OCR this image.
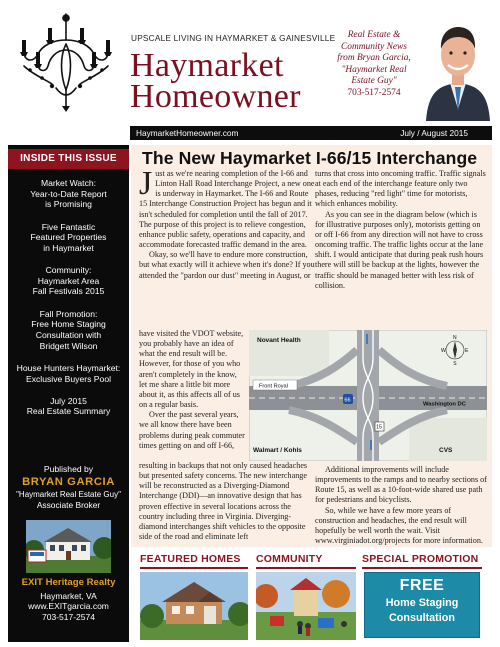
UPSCALE LIVING IN HAYMARKET & GAINESVILLE
Haymarket
Homeowner
Real Estate &
Community News
from Bryan Garcia,
"Haymarket Real
Estate Guy"
703-517-2574
HaymarketHomeowner.com	July / August 2015
INSIDE THIS ISSUE
Market Watch:
Year-to-Date Report
is Promising
Five Fantastic
Featured Properties
in Haymarket
Community:
Haymarket Area
Fall Festivals 2015
Fall Promotion:
Free Home Staging
Consultation with
Bridgett Wilson
House Hunters Haymarket:
Exclusive Buyers Pool
July 2015
Real Estate Summary
Published by
BRYAN GARCIA
"Haymarket Real Estate Guy"
Associate Broker
EXIT Heritage Realty
Haymarket, VA
www.EXITgarcia.com
703-517-2574
The New Haymarket I-66/15 Interchange

Just as we're nearing completion of the I-66 and Linton Hall Road Interchange Project, a new one is underway in Haymarket. The I-66 and Route 15 Interchange Construction Project has begun and it isn't scheduled for completion until the fall of 2017. The purpose of this project is to relieve congestion, enhance public safety, operations and capacity, and accommodate forecasted traffic demand in the area.

Okay, so we'll have to endure more construction, but what exactly will it achieve when it's done? If you attended the "pardon our dust" meeting in August, or

have visited the VDOT website, you probably have an idea of what the end result will be. However, for those of you who aren't completely in the know, let me share a little bit more about it, as this affects all of us on a regular basis.

Over the past several years, we all know there have been problems during peak commuter times getting on and off I-66,

resulting in backups that not only caused headaches but presented safety concerns. The new interchange will be reconstructed as a Diverging-Diamond Interchange (DDI)—an innovative design that has proven effective in several locations across the country including three in Virginia. Diverging-diamond interchanges shift vehicles to the opposite side of the road and eliminate left

turns that cross into oncoming traffic. Traffic signals at each end of the interchange feature only two phases, reducing "red light" time for motorists, which enhances mobility.

As you can see in the diagram below (which is for illustrative purposes only), motorists getting on or off I-66 from any direction will not have to cross oncoming traffic. The traffic lights occur at the lane shift. I would anticipate that during peak rush hours there will still be backup at the lights, however the traffic should be managed better with less risk of collision.

Additional improvements will include improvements to the ramps and to nearby sections of Route 15, as well as a 10-foot-wide shared use path for pedestrians and bicyclists.

So, while we have a few more years of construction and headaches, the end result will hopefully be well worth the wait. Visit www.virginiadot.org/projects for more information.

Novant Health
Front Royal
Washington DC
Walmart / Kohls	CVS
66
15
N
S
E
W
FEATURED HOMES COMMUNITY	SPECIAL PROMOTION
FREE
Home Staging
Consultation
